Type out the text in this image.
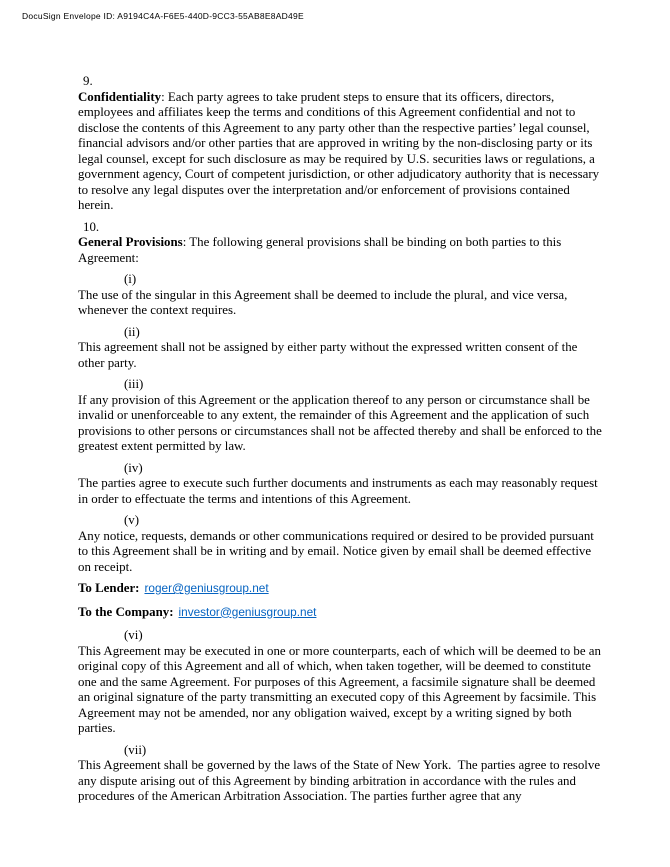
DocuSign Envelope ID: A9194C4A-F6E5-440D-9CC3-55AB8E8AD49E
9.

Confidentiality: Each party agrees to take prudent steps to ensure that its officers, directors, employees and affiliates keep the terms and conditions of this Agreement confidential and not to disclose the contents of this Agreement to any party other than the respective parties’ legal counsel, financial advisors and/or other parties that are approved in writing by the non-disclosing party or its legal counsel, except for such disclosure as may be required by U.S. securities laws or regulations, a government agency, Court of competent jurisdiction, or other adjudicatory authority that is necessary to resolve any legal disputes over the interpretation and/or enforcement of provisions contained herein.

10.

General Provisions: The following general provisions shall be binding on both parties to this Agreement:

(i)

The use of the singular in this Agreement shall be deemed to include the plural, and vice versa, whenever the context requires.

(ii)

This agreement shall not be assigned by either party without the expressed written consent of the other party.

(iii)

If any provision of this Agreement or the application thereof to any person or circumstance shall be invalid or unenforceable to any extent, the remainder of this Agreement and the application of such provisions to other persons or circumstances shall not be affected thereby and shall be enforced to the greatest extent permitted by law.

(iv)

The parties agree to execute such further documents and instruments as each may reasonably request in order to effectuate the terms and intentions of this Agreement.

(v)

Any notice, requests, demands or other communications required or desired to be provided pursuant to this Agreement shall be in writing and by email. Notice given by email shall be deemed effective on receipt.

To Lender: roger@geniusgroup.net

To the Company: investor@geniusgroup.net

(vi)

This Agreement may be executed in one or more counterparts, each of which will be deemed to be an original copy of this Agreement and all of which, when taken together, will be deemed to constitute one and the same Agreement. For purposes of this Agreement, a facsimile signature shall be deemed an original signature of the party transmitting an executed copy of this Agreement by facsimile. This Agreement may not be amended, nor any obligation waived, except by a writing signed by both parties.

(vii)

This Agreement shall be governed by the laws of the State of New York.  The parties agree to resolve any dispute arising out of this Agreement by binding arbitration in accordance with the rules and procedures of the American Arbitration Association. The parties further agree that any
